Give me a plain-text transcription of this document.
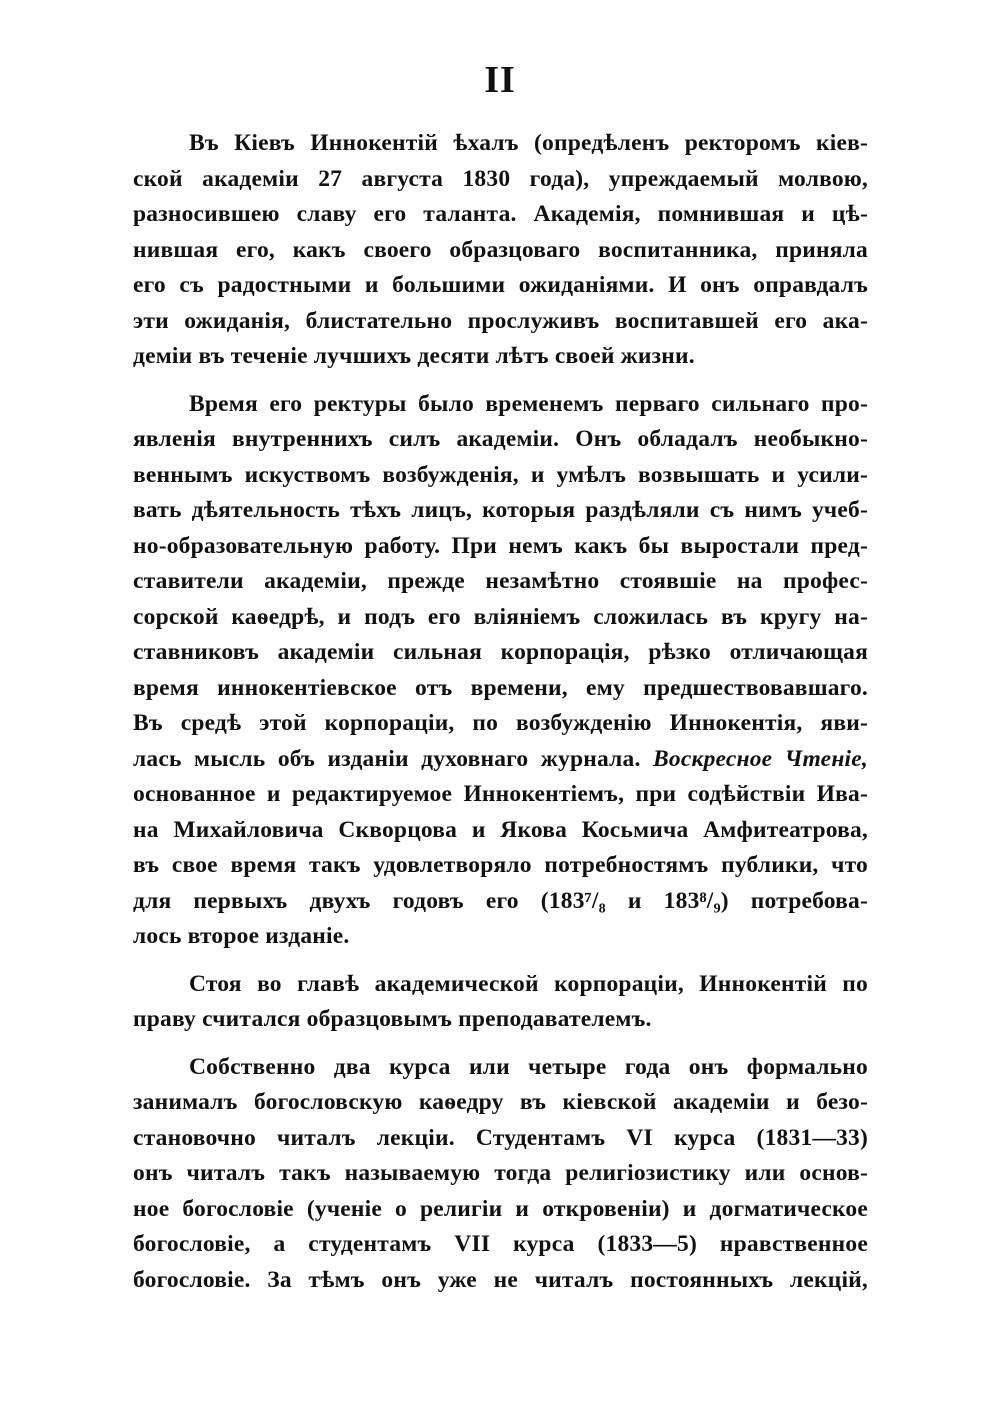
II
Въ Кіевъ Иннокентій ѣхалъ (опредѣленъ ректоромъ кіев-
ской академіи 27 августа 1830 года), упреждаемый молвою,
разносившею славу его таланта. Академія, помнившая и цѣ-
нившая его, какъ своего образцоваго воспитанника, приняла
его съ радостными и большими ожиданіями. И онъ оправдалъ
эти ожиданія, блистательно прослуживъ воспитавшей его ака-
деміи въ теченіе лучшихъ десяти лѣтъ своей жизни.
Время его ректуры было временемъ перваго сильнаго про-
явленія внутреннихъ силъ академіи. Онъ обладалъ необыкно-
веннымъ искуствомъ возбужденія, и умѣлъ возвышать и усили-
вать дѣятельность тѣхъ лицъ, которыя раздѣляли съ нимъ учеб-
но-образовательную работу. При немъ какъ бы выростали пред-
ставители академіи, прежде незамѣтно стоявшіе на профес-
сорской каѳедрѣ, и подъ его вліяніемъ сложилась въ кругу на-
ставниковъ академіи сильная корпорація, рѣзко отличающая
время иннокентіевское отъ времени, ему предшествовавшаго.
Въ средѣ этой корпораціи, по возбужденію Иннокентія, яви-
лась мысль объ изданіи духовнаго журнала. Воскресное Чтеніе,
основанное и редактируемое Иннокентіемъ, при содѣйствіи Ива-
на Михайловича Скворцова и Якова Косьмича Амфитеатрова,
въ свое время такъ удовлетворяло потребностямъ публики, что
для первыхъ двухъ годовъ его (183⁷/₈ и 183⁸/₉) потребова-
лось второе изданіе.
Стоя во главѣ академической корпораціи, Иннокентій по
праву считался образцовымъ преподавателемъ.
Собственно два курса или четыре года онъ формально
занималъ богословскую каѳедру въ кіевской академіи и безо-
становочно читалъ лекціи. Студентамъ VI курса (1831—33)
онъ читалъ такъ называемую тогда религіозистику или основ-
ное богословіе (ученіе о религіи и откровеніи) и догматическое
богословіе, а студентамъ VII курса (1833—5) нравственное
богословіе. За тѣмъ онъ уже не читалъ постоянныхъ лекцій,
